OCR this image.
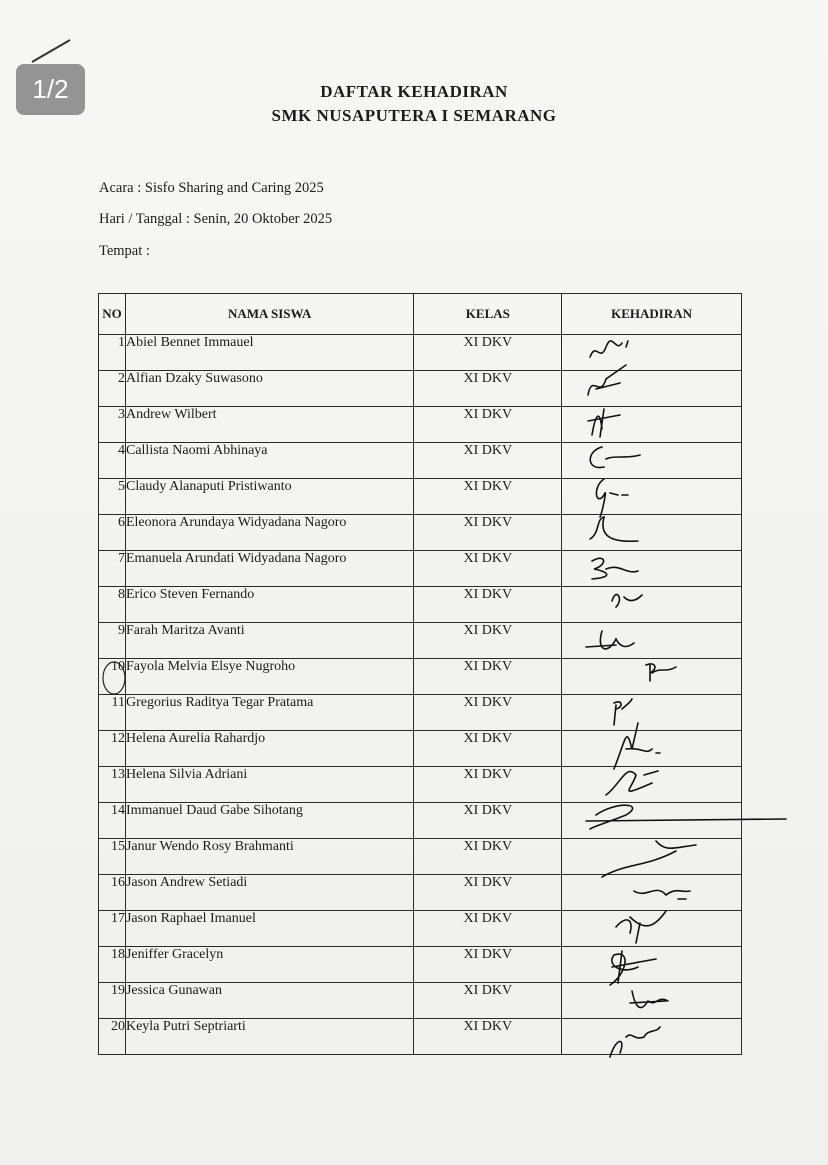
1/2	DAFTAR KEHADIRAN
SMK NUSAPUTERA I SEMARANG
Acara : Sisfo Sharing and Caring 2025
Hari / Tanggal : Senin, 20 Oktober 2025
Tempat :
NO	NAMA SISWA	KELAS	KEHADIRAN
1	Abiel Bennet Immauel	XI DKV	

2	Alfian Dzaky Suwasono	XI DKV	

3	Andrew Wilbert	XI DKV	

4	Callista Naomi Abhinaya	XI DKV	

5	Claudy Alanaputi Pristiwanto	XI DKV	

6	Eleonora Arundaya Widyadana Nagoro	XI DKV	

7	Emanuela Arundati Widyadana Nagoro	XI DKV	

8	Erico Steven Fernando	XI DKV	

9	Farah Maritza Avanti	XI DKV	

10	Fayola Melvia Elsye Nugroho	XI DKV	

11	Gregorius Raditya Tegar Pratama	XI DKV	

12	Helena Aurelia Rahardjo	XI DKV	

13	Helena Silvia Adriani	XI DKV	

14	Immanuel Daud Gabe Sihotang	XI DKV	

15	Janur Wendo Rosy Brahmanti	XI DKV	

16	Jason Andrew Setiadi	XI DKV	

17	Jason Raphael Imanuel	XI DKV	

18	Jeniffer Gracelyn	XI DKV	

19	Jessica Gunawan	XI DKV	

20	Keyla Putri Septriarti	XI DKV	
